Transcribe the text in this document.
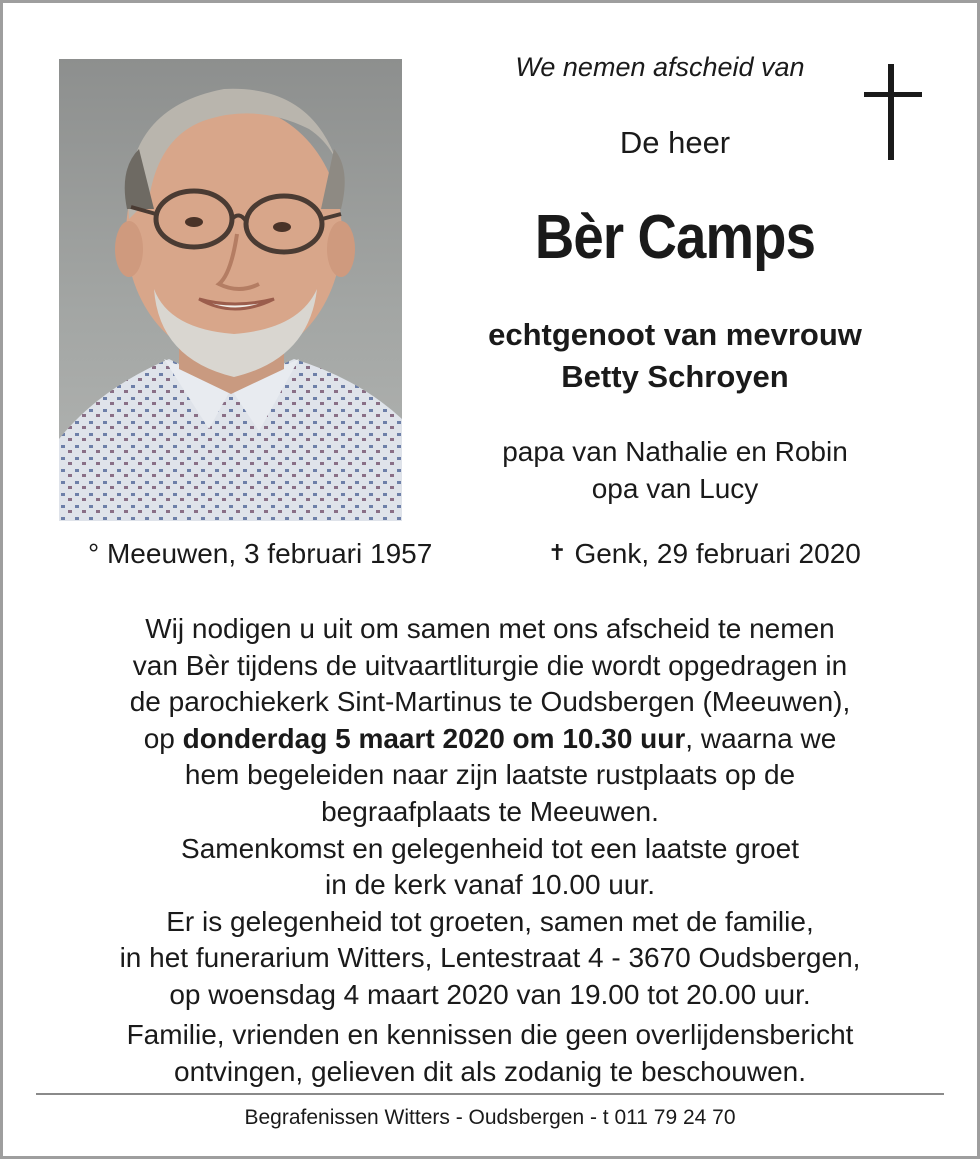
We nemen afscheid van
De heer
Bèr Camps
echtgenoot van mevrouw
Betty Schroyen
papa van Nathalie en Robin
opa van Lucy
° Meeuwen, 3 februari 1957	✝ Genk, 29 februari 2020
Wij nodigen u uit om samen met ons afscheid te nemen
van Bèr tijdens de uitvaartliturgie die wordt opgedragen in
de parochiekerk Sint-Martinus te Oudsbergen (Meeuwen),
op donderdag 5 maart 2020 om 10.30 uur, waarna we
hem begeleiden naar zijn laatste rustplaats op de
begraafplaats te Meeuwen.
Samenkomst en gelegenheid tot een laatste groet
in de kerk vanaf 10.00 uur.
Er is gelegenheid tot groeten, samen met de familie,
in het funerarium Witters, Lentestraat 4 - 3670 Oudsbergen,
op woensdag 4 maart 2020 van 19.00 tot 20.00 uur.
Familie, vrienden en kennissen die geen overlijdensbericht
ontvingen, gelieven dit als zodanig te beschouwen.
Begrafenissen Witters - Oudsbergen - t 011 79 24 70
